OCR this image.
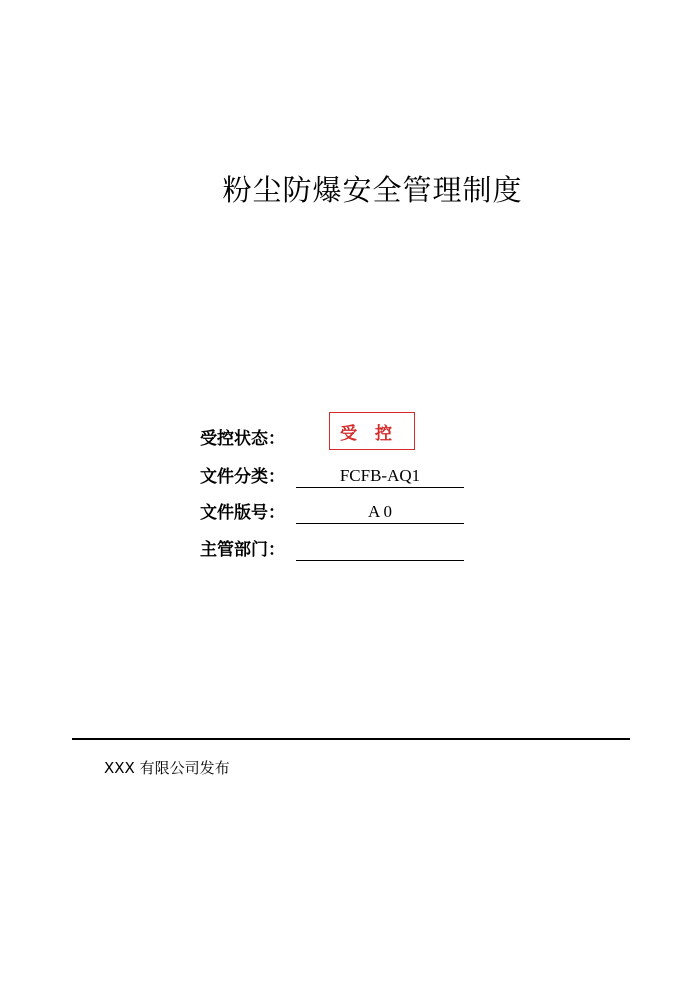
粉尘防爆安全管理制度
受控状态：	受 控
文件分类：	FCFB-AQ1
文件版号：	A 0
主管部门：
XXX 有限公司发布
